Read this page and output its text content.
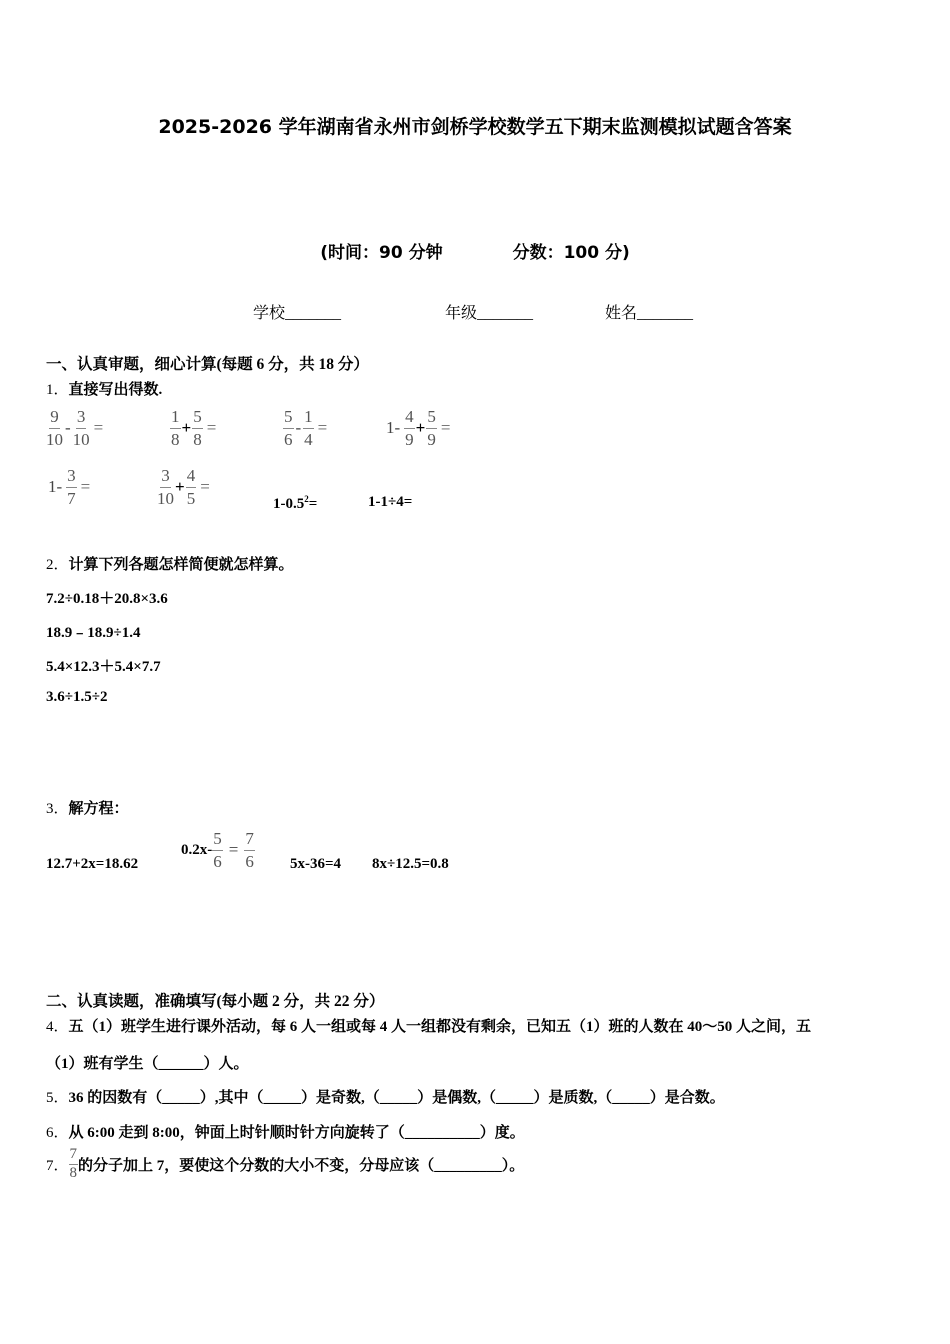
2025-2026 学年湖南省永州市剑桥学校数学五下期末监测模拟试题含答案
(时间：90 分钟	分数：100 分)
学校_______	年级_______	姓名_______
一、认真审题，细心计算(每题 6 分，共 18 分）
1．直接写出得数.
$\frac{9}{10} - \frac{3}{10}$ =	$\frac{1}{8} + \frac{5}{8}$ =	$\frac{5}{6} - \frac{1}{4}$ =	$1- \frac{4}{9} + \frac{5}{9}$ =
$1- \frac{3}{7}$ =	$\frac{3}{10} + \frac{4}{5}$ =
$1-0.5^2=$	1-1÷4=
2．计算下列各题怎样简便就怎样算。
7.2÷0.18＋20.8×3.6
18.9﹣18.9÷1.4
5.4×12.3＋5.4×7.7
3.6÷1.5÷2
3．解方程：
12.7+2x=18.62
$0.2x- \frac{5}{6} = \frac{7}{6} 5x-36=4$ 8x÷12.5=0.8
二、认真读题，准确填写(每小题 2 分，共 22 分）
4．五（1）班学生进行课外活动，每 6 人一组或每 4 人一组都没有剩余，已知五（1）班的人数在 40～50 人之间，五
（1）班有学生（______）人。
5．36 的因数有（_____）,其中（_____）是奇数,（_____）是偶数,（_____）是质数,（_____）是合数。
6．从 6:00 走到 8:00，钟面上时针顺时针方向旋转了（__________）度。
7．
7
8 的分子加上 7，要使这个分数的大小不变，分母应该（_________）。
